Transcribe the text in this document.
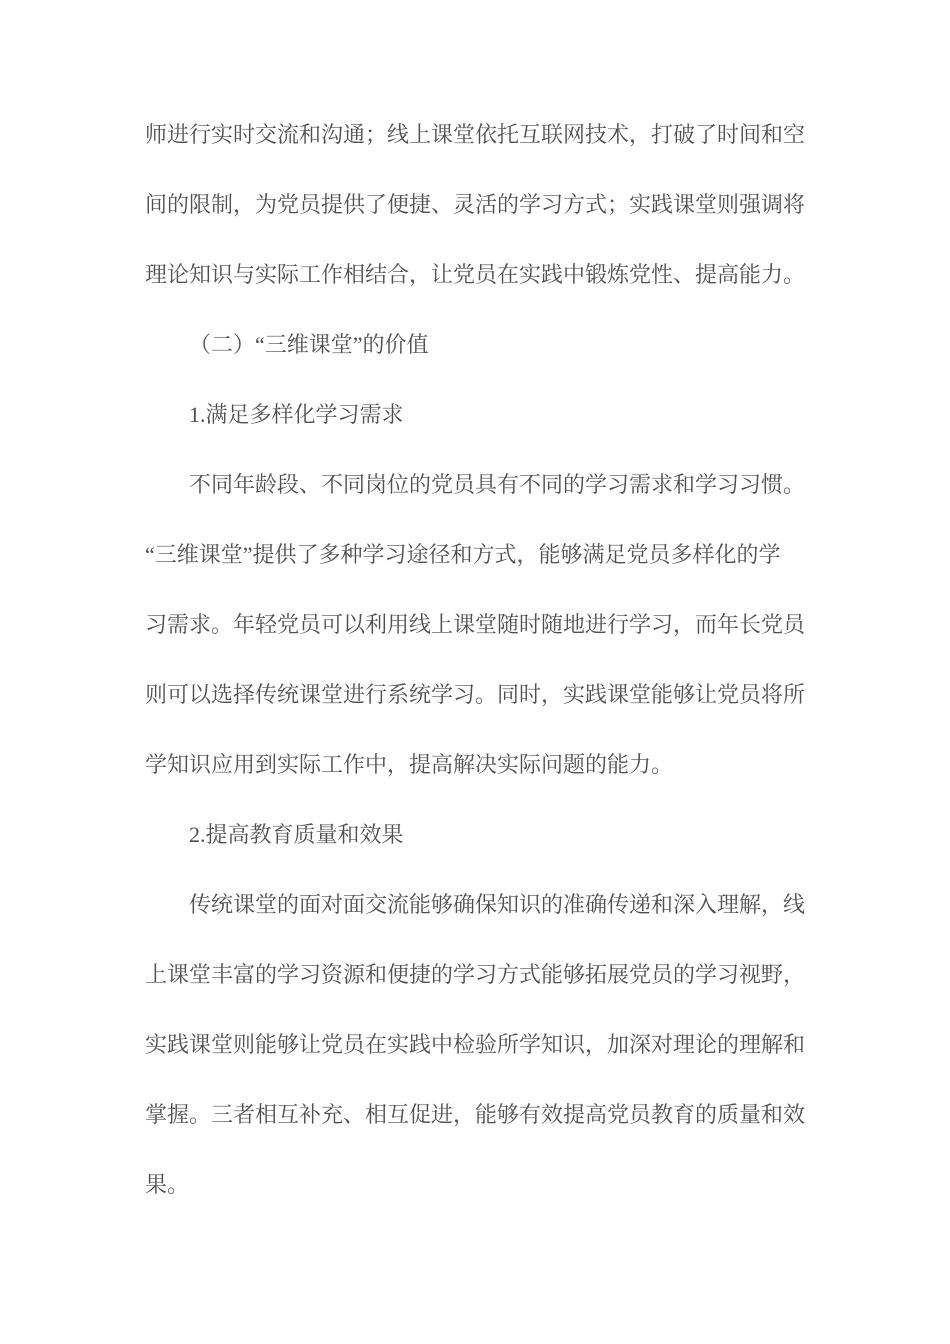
师进行实时交流和沟通；线上课堂依托互联网技术，打破了时间和空
间的限制，为党员提供了便捷、灵活的学习方式；实践课堂则强调将
理论知识与实际工作相结合，让党员在实践中锻炼党性、提高能力。
（二）“三维课堂”的价值
1.满足多样化学习需求
不同年龄段、不同岗位的党员具有不同的学习需求和学习习惯。
“三维课堂”提供了多种学习途径和方式，能够满足党员多样化的学
习需求。年轻党员可以利用线上课堂随时随地进行学习，而年长党员
则可以选择传统课堂进行系统学习。同时，实践课堂能够让党员将所
学知识应用到实际工作中，提高解决实际问题的能力。
2.提高教育质量和效果
传统课堂的面对面交流能够确保知识的准确传递和深入理解，线
上课堂丰富的学习资源和便捷的学习方式能够拓展党员的学习视野，
实践课堂则能够让党员在实践中检验所学知识，加深对理论的理解和
掌握。三者相互补充、相互促进，能够有效提高党员教育的质量和效
果。
